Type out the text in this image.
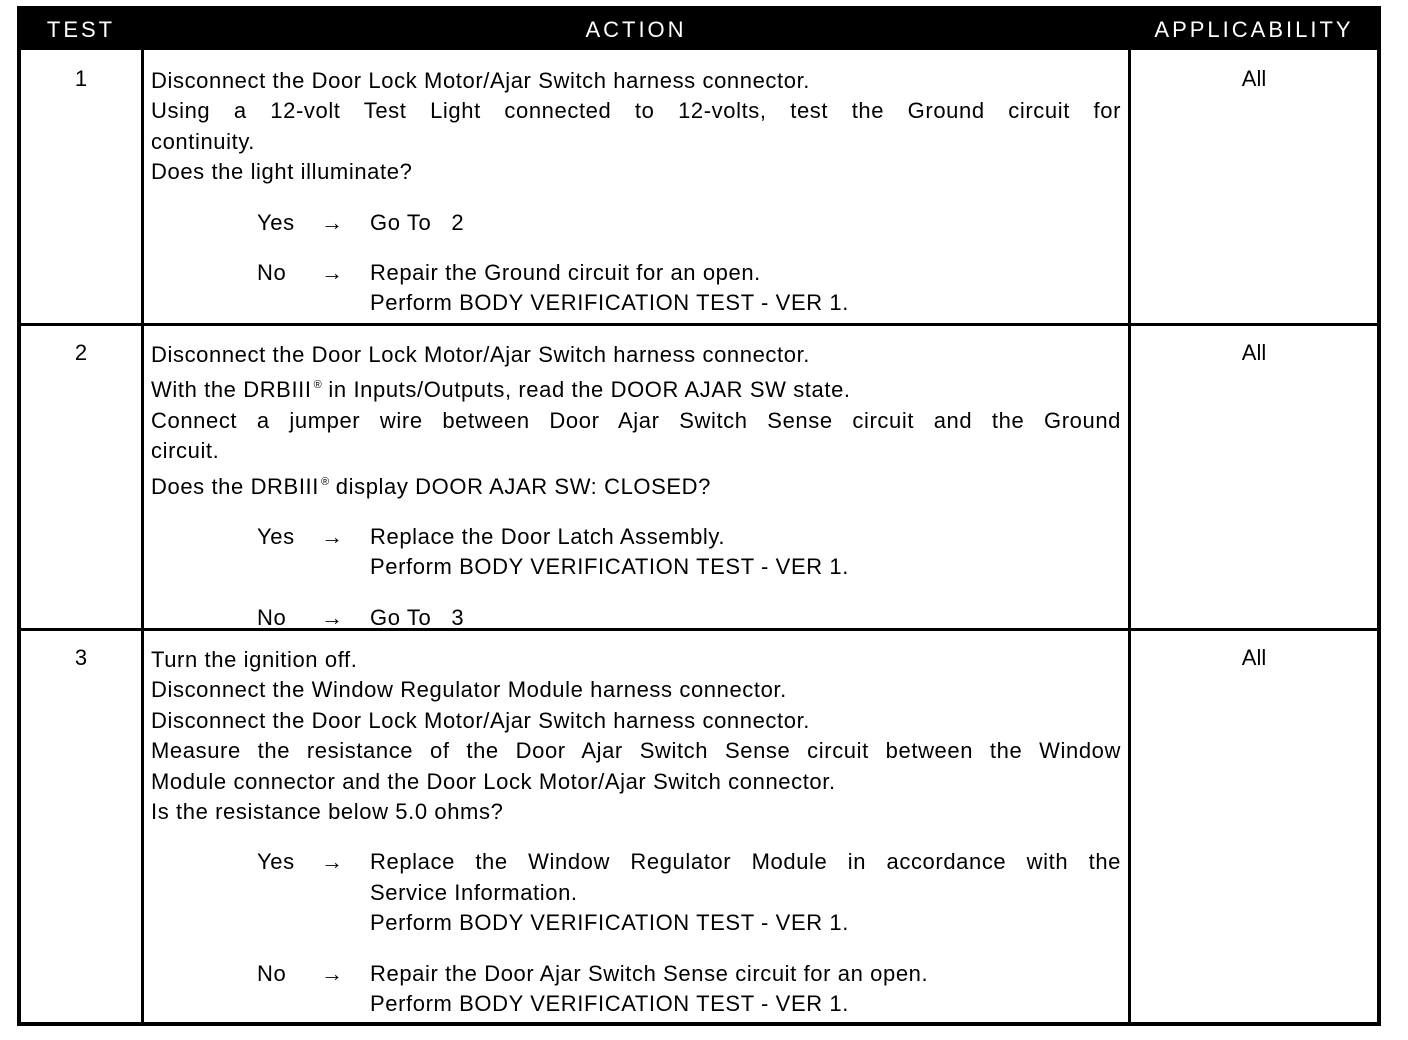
TEST	ACTION	APPLICABILITY
1	Disconnect the Door Lock Motor/Ajar Switch harness connector.
Using a 12-volt Test Light connected to 12-volts, test the Ground circuit for
continuity.
Does the light illuminate?
Yes	→	Go To   2
No	→	Repair the Ground circuit for an open.
Perform BODY VERIFICATION TEST - VER 1.
All
2	Disconnect the Door Lock Motor/Ajar Switch harness connector.
With the DRBIII ® in Inputs/Outputs, read the DOOR AJAR SW state.
Connect a jumper wire between Door Ajar Switch Sense circuit and the Ground
circuit.
Does the DRBIII ® display DOOR AJAR SW: CLOSED?
Yes	→	Replace the Door Latch Assembly.
Perform BODY VERIFICATION TEST - VER 1.
No	→	Go To   3
All
3	Turn the ignition off.
Disconnect the Window Regulator Module harness connector.
Disconnect the Door Lock Motor/Ajar Switch harness connector.
Measure the resistance of the Door Ajar Switch Sense circuit between the Window
Module connector and the Door Lock Motor/Ajar Switch connector.
Is the resistance below 5.0 ohms?
Yes	→	Replace the Window Regulator Module in accordance with the
Service Information.
Perform BODY VERIFICATION TEST - VER 1.
No	→	Repair the Door Ajar Switch Sense circuit for an open.
Perform BODY VERIFICATION TEST - VER 1.
All
